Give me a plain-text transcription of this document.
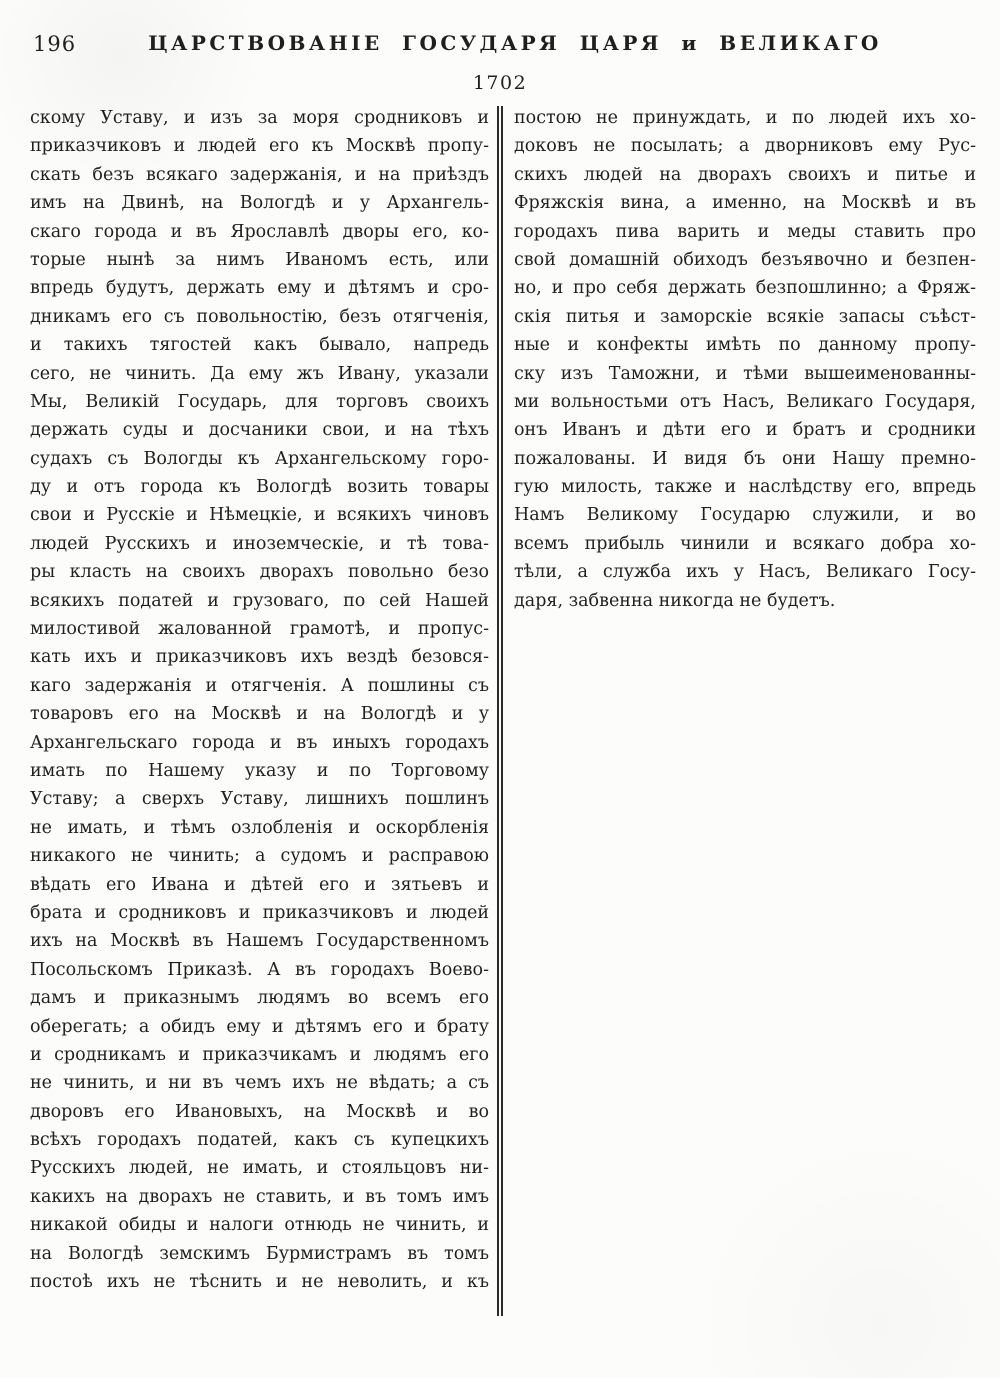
196	ЦАРСТВОВАНІЕ ГОСУДАРЯ ЦАРЯ и ВЕЛИКАГО
1702
скому Уставу, и изъ за моря сродниковъ и
приказчиковъ и людей его къ Москвѣ пропу-
скать безъ всякаго задержанія, и на приѣздъ
имъ на Двинѣ, на Вологдѣ и у Архангель-
скаго города и въ Ярославлѣ дворы его, ко-
торые нынѣ за нимъ Иваномъ есть, или
впредь будутъ, держать ему и дѣтямъ и сро-
дникамъ его съ повольностію, безъ отягченія,
и такихъ тягостей какъ бывало, напредь
сего, не чинить. Да ему жъ Ивану, указали
Мы, Великій Государь, для торговъ своихъ
держать суды и досчаники свои, и на тѣхъ
судахъ съ Вологды къ Архангельскому горо-
ду и отъ города къ Вологдѣ возить товары
свои и Русскіе и Нѣмецкіе, и всякихъ чиновъ
людей Русскихъ и иноземческіе, и тѣ това-
ры класть на своихъ дворахъ повольно безо
всякихъ податей и грузоваго, по сей Нашей
милостивой жалованной грамотѣ, и пропус-
кать ихъ и приказчиковъ ихъ вездѣ безовся-
каго задержанія и отягченія. А пошлины съ
товаровъ его на Москвѣ и на Вологдѣ и у
Архангельскаго города и въ иныхъ городахъ
имать по Нашему указу и по Торговому
Уставу; а сверхъ Уставу, лишнихъ пошлинъ
не имать, и тѣмъ озлобленія и оскорбленія
никакого не чинить; а судомъ и расправою
вѣдать его Ивана и дѣтей его и зятьевъ и
брата и сродниковъ и приказчиковъ и людей
ихъ на Москвѣ въ Нашемъ Государственномъ
Посольскомъ Приказѣ. А въ городахъ Воево-
дамъ и приказнымъ людямъ во всемъ его
оберегать; а обидъ ему и дѣтямъ его и брату
и сродникамъ и приказчикамъ и людямъ его
не чинить, и ни въ чемъ ихъ не вѣдать; а съ
дворовъ его Ивановыхъ, на Москвѣ и во
всѣхъ городахъ податей, какъ съ купецкихъ
Русскихъ людей, не имать, и стояльцовъ ни-
какихъ на дворахъ не ставить, и въ томъ имъ
никакой обиды и налоги отнюдь не чинить, и
на Вологдѣ земскимъ Бурмистрамъ въ томъ
постоѣ ихъ не тѣснить и не неволить, и къ
постою не принуждать, и по людей ихъ хо-
доковъ не посылать; а дворниковъ ему Рус-
скихъ людей на дворахъ своихъ и питье и
Фряжскія вина, а именно, на Москвѣ и въ
городахъ пива варить и меды ставить про
свой домашній обиходъ безъявочно и безпен-
но, и про себя держать безпошлинно; а Фряж-
скія питья и заморскіе всякіе запасы съѣст-
ные и конфекты имѣть по данному пропу-
ску изъ Таможни, и тѣми вышеименованны-
ми вольностьми отъ Насъ, Великаго Государя,
онъ Иванъ и дѣти его и братъ и сродники
пожалованы. И видя бъ они Нашу премно-
гую милость, также и наслѣдству его, впредь
Намъ Великому Государю служили, и во
всемъ прибыль чинили и всякаго добра хо-
тѣли, а служба ихъ у Насъ, Великаго Госу-
даря, забвенна никогда не будетъ.
